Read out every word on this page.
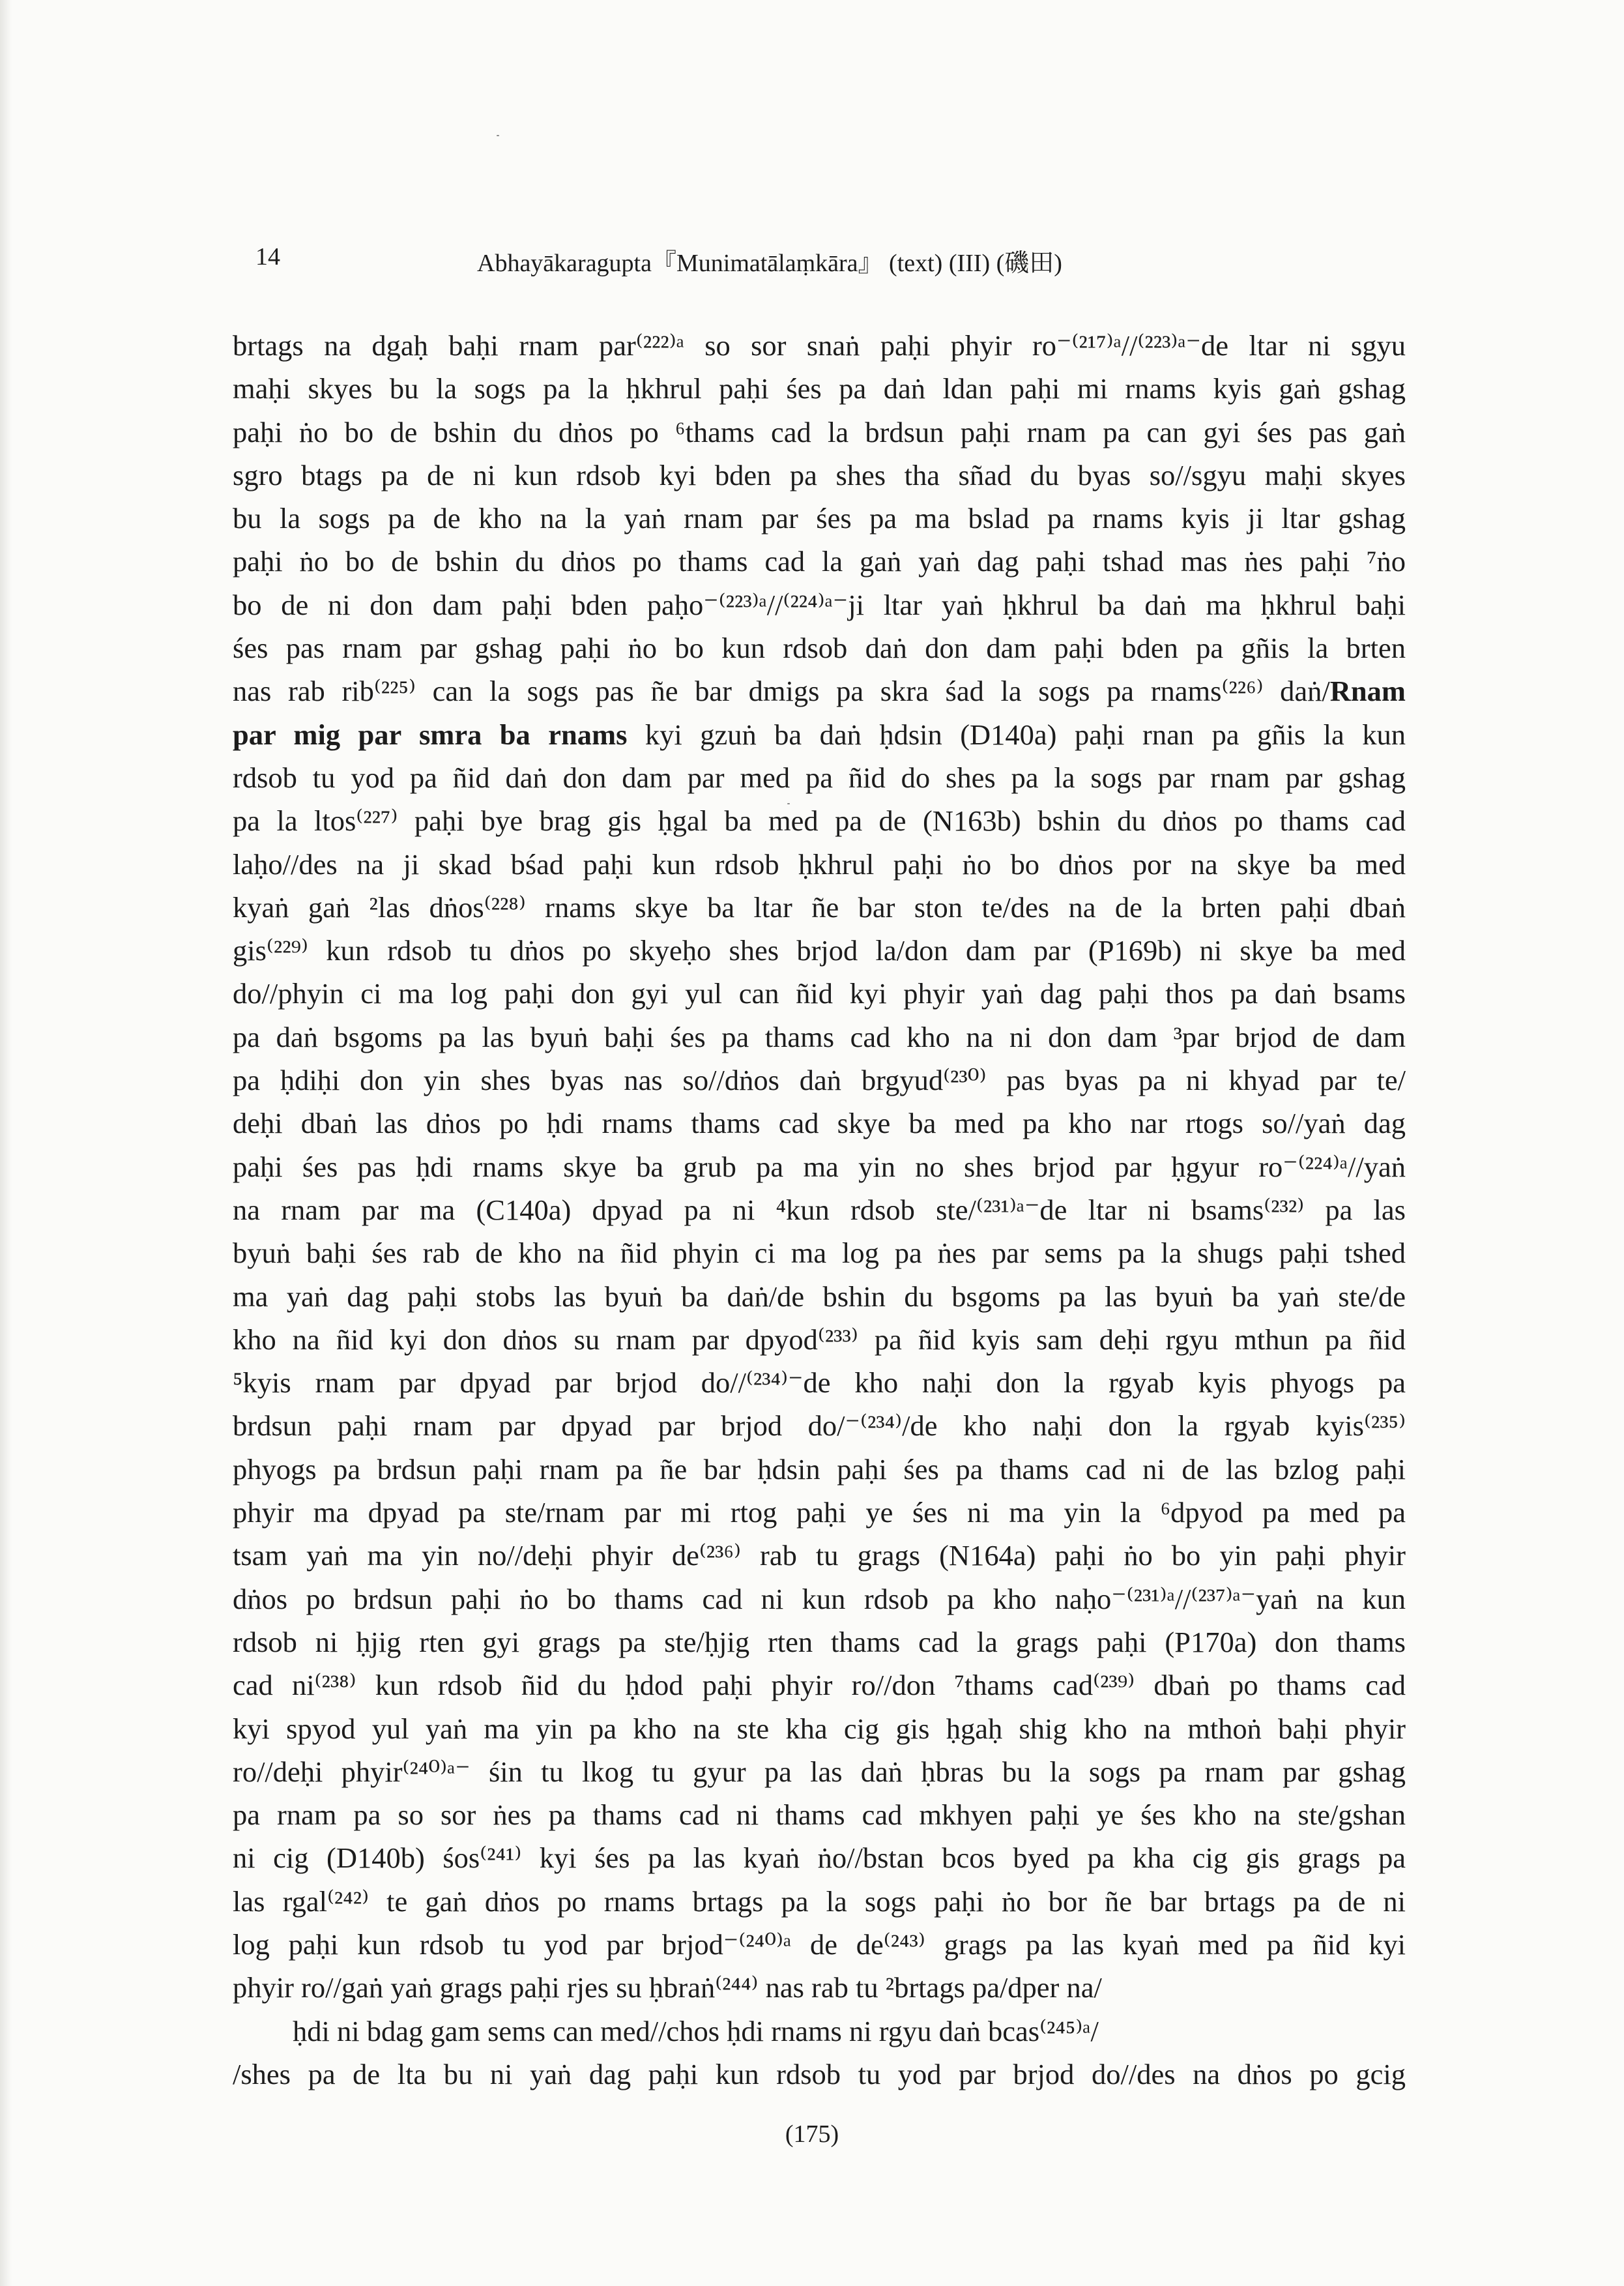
14	Abhayākaragupta『Munimatālaṃkāra』 (text) (III) (磯田)
brtags na dgaḥ baḥi rnam par⁽²²²⁾ᵃ so sor snaṅ paḥi phyir ro⁻⁽²¹⁷⁾ᵃ//⁽²²³⁾ᵃ⁻de ltar ni sgyu
maḥi skyes bu la sogs pa la ḥkhrul paḥi śes pa daṅ ldan paḥi mi rnams kyis gaṅ gshag
paḥi ṅo bo de bshin du dṅos po ⁶thams cad la brdsun paḥi rnam pa can gyi śes pas gaṅ
sgro btags pa de ni kun rdsob kyi bden pa shes tha sñad du byas so//sgyu maḥi skyes
bu la sogs pa de kho na la yaṅ rnam par śes pa ma bslad pa rnams kyis ji ltar gshag
paḥi ṅo bo de bshin du dṅos po thams cad la gaṅ yaṅ dag paḥi tshad mas ṅes paḥi ⁷ṅo
bo de ni don dam paḥi bden paḥo⁻⁽²²³⁾ᵃ//⁽²²⁴⁾ᵃ⁻ji ltar yaṅ ḥkhrul ba daṅ ma ḥkhrul baḥi
śes pas rnam par gshag paḥi ṅo bo kun rdsob daṅ don dam paḥi bden pa gñis la brten
nas rab rib⁽²²⁵⁾ can la sogs pas ñe bar dmigs pa skra śad la sogs pa rnams⁽²²⁶⁾ daṅ/Rnam
par mig par smra ba rnams kyi gzuṅ ba daṅ ḥdsin (D140a) paḥi rnan pa gñis la kun
rdsob tu yod pa ñid daṅ don dam par med pa ñid do shes pa la sogs par rnam par gshag
pa la ltos⁽²²⁷⁾ paḥi bye brag gis ḥgal ba med pa de (N163b) bshin du dṅos po thams cad
laḥo//des na ji skad bśad paḥi kun rdsob ḥkhrul paḥi ṅo bo dṅos por na skye ba med
kyaṅ gaṅ ²las dṅos⁽²²⁸⁾ rnams skye ba ltar ñe bar ston te/des na de la brten paḥi dbaṅ
gis⁽²²⁹⁾ kun rdsob tu dṅos po skyeḥo shes brjod la/don dam par (P169b) ni skye ba med
do//phyin ci ma log paḥi don gyi yul can ñid kyi phyir yaṅ dag paḥi thos pa daṅ bsams
pa daṅ bsgoms pa las byuṅ baḥi śes pa thams cad kho na ni don dam ³par brjod de dam
pa ḥdiḥi don yin shes byas nas so//dṅos daṅ brgyud⁽²³⁰⁾ pas byas pa ni khyad par te/
deḥi dbaṅ las dṅos po ḥdi rnams thams cad skye ba med pa kho nar rtogs so//yaṅ dag
paḥi śes pas ḥdi rnams skye ba grub pa ma yin no shes brjod par ḥgyur ro⁻⁽²²⁴⁾ᵃ//yaṅ
na rnam par ma (C140a) dpyad pa ni ⁴kun rdsob ste/⁽²³¹⁾ᵃ⁻de ltar ni bsams⁽²³²⁾ pa las
byuṅ baḥi śes rab de kho na ñid phyin ci ma log pa ṅes par sems pa la shugs paḥi tshed
ma yaṅ dag paḥi stobs las byuṅ ba daṅ/de bshin du bsgoms pa las byuṅ ba yaṅ ste/de
kho na ñid kyi don dṅos su rnam par dpyod⁽²³³⁾ pa ñid kyis sam deḥi rgyu mthun pa ñid
⁵kyis rnam par dpyad par brjod do//⁽²³⁴⁾⁻de kho naḥi don la rgyab kyis phyogs pa
brdsun paḥi rnam par dpyad par brjod do/⁻⁽²³⁴⁾/de kho naḥi don la rgyab kyis⁽²³⁵⁾
phyogs pa brdsun paḥi rnam pa ñe bar ḥdsin paḥi śes pa thams cad ni de las bzlog paḥi
phyir ma dpyad pa ste/rnam par mi rtog paḥi ye śes ni ma yin la ⁶dpyod pa med pa
tsam yaṅ ma yin no//deḥi phyir de⁽²³⁶⁾ rab tu grags (N164a) paḥi ṅo bo yin paḥi phyir
dṅos po brdsun paḥi ṅo bo thams cad ni kun rdsob pa kho naḥo⁻⁽²³¹⁾ᵃ//⁽²³⁷⁾ᵃ⁻yaṅ na kun
rdsob ni ḥjig rten gyi grags pa ste/ḥjig rten thams cad la grags paḥi (P170a) don thams
cad ni⁽²³⁸⁾ kun rdsob ñid du ḥdod paḥi phyir ro//don ⁷thams cad⁽²³⁹⁾ dbaṅ po thams cad
kyi spyod yul yaṅ ma yin pa kho na ste kha cig gis ḥgaḥ shig kho na mthoṅ baḥi phyir
ro//deḥi phyir⁽²⁴⁰⁾ᵃ⁻ śin tu lkog tu gyur pa las daṅ ḥbras bu la sogs pa rnam par gshag
pa rnam pa so sor ṅes pa thams cad ni thams cad mkhyen paḥi ye śes kho na ste/gshan
ni cig (D140b) śos⁽²⁴¹⁾ kyi śes pa las kyaṅ ṅo//bstan bcos byed pa kha cig gis grags pa
las rgal⁽²⁴²⁾ te gaṅ dṅos po rnams brtags pa la sogs paḥi ṅo bor ñe bar brtags pa de ni
log paḥi kun rdsob tu yod par brjod⁻⁽²⁴⁰⁾ᵃ de de⁽²⁴³⁾ grags pa las kyaṅ med pa ñid kyi
phyir ro//gaṅ yaṅ grags paḥi rjes su ḥbraṅ⁽²⁴⁴⁾ nas rab tu ²brtags pa/dper na/
ḥdi ni bdag gam sems can med//chos ḥdi rnams ni rgyu daṅ bcas⁽²⁴⁵⁾ᵃ/
/shes pa de lta bu ni yaṅ dag paḥi kun rdsob tu yod par brjod do//des na dṅos po gcig
(175)
